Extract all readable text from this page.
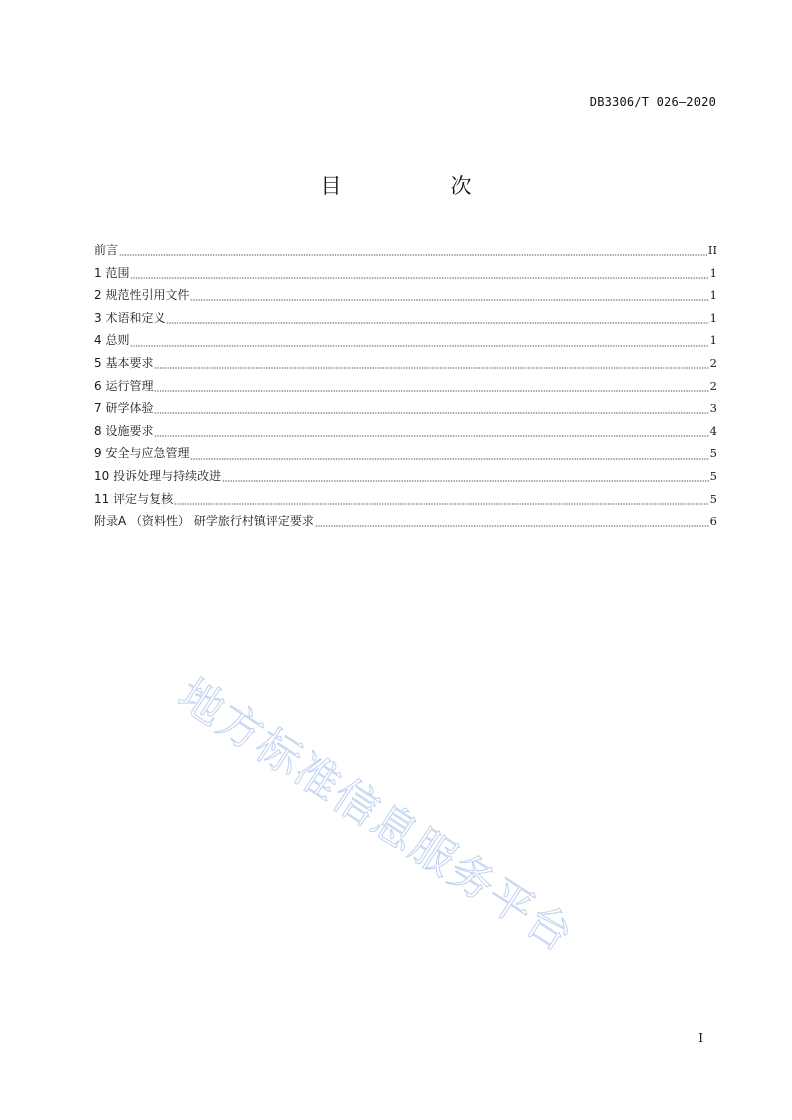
DB3306/T 026—2020
目　次
前言	II
1 范围	1
2 规范性引用文件	1
3 术语和定义	1
4 总则	1
5 基本要求	2
6 运行管理	2
7 研学体验	3
8 设施要求	4
9 安全与应急管理	5
10 投诉处理与持续改进	5
11 评定与复核	5
附录A （资料性） 研学旅行村镇评定要求	6
地方标准信息服务平台
I
